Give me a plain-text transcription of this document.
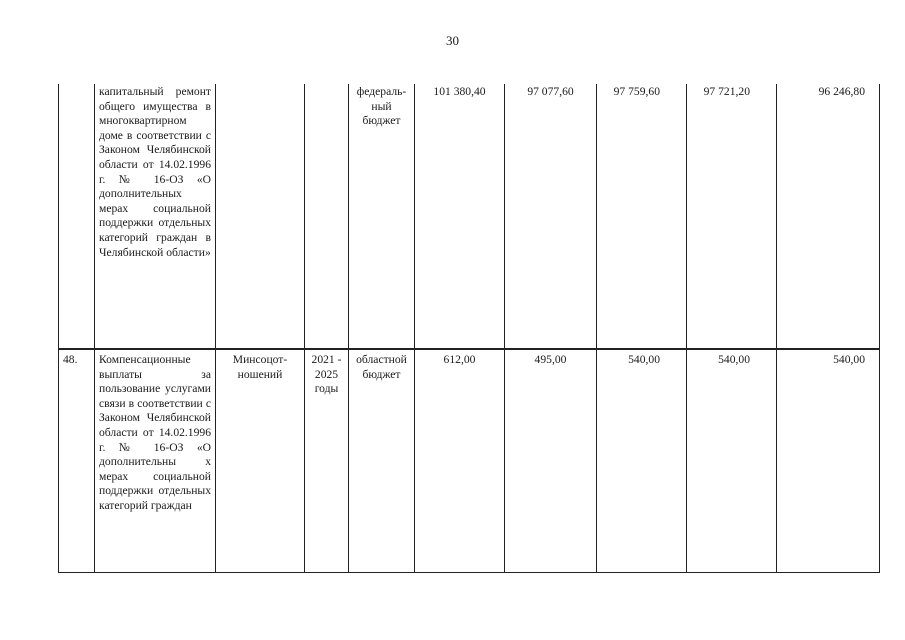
30
	капитальный ремонт общего имущества в многоквартирном доме в соответствии с Законом Челябинской области от 14.02.1996 г. № 16-ОЗ «О дополнительных мерах социальной поддержки отдельных категорий граждан в Челябинской области»			федераль-ный бюджет	101 380,40	97 077,60	97 759,60	97 721,20	96 246,80
48.	Компенсационные выплаты за пользование услугами связи в соответствии с Законом Челябинской области от 14.02.1996 г. № 16-ОЗ «О дополнительны х мерах социальной поддержки отдельных категорий граждан	Минсоцот-ношений	2021 - 2025 годы	областной бюджет	612,00	495,00	540,00	540,00	540,00
